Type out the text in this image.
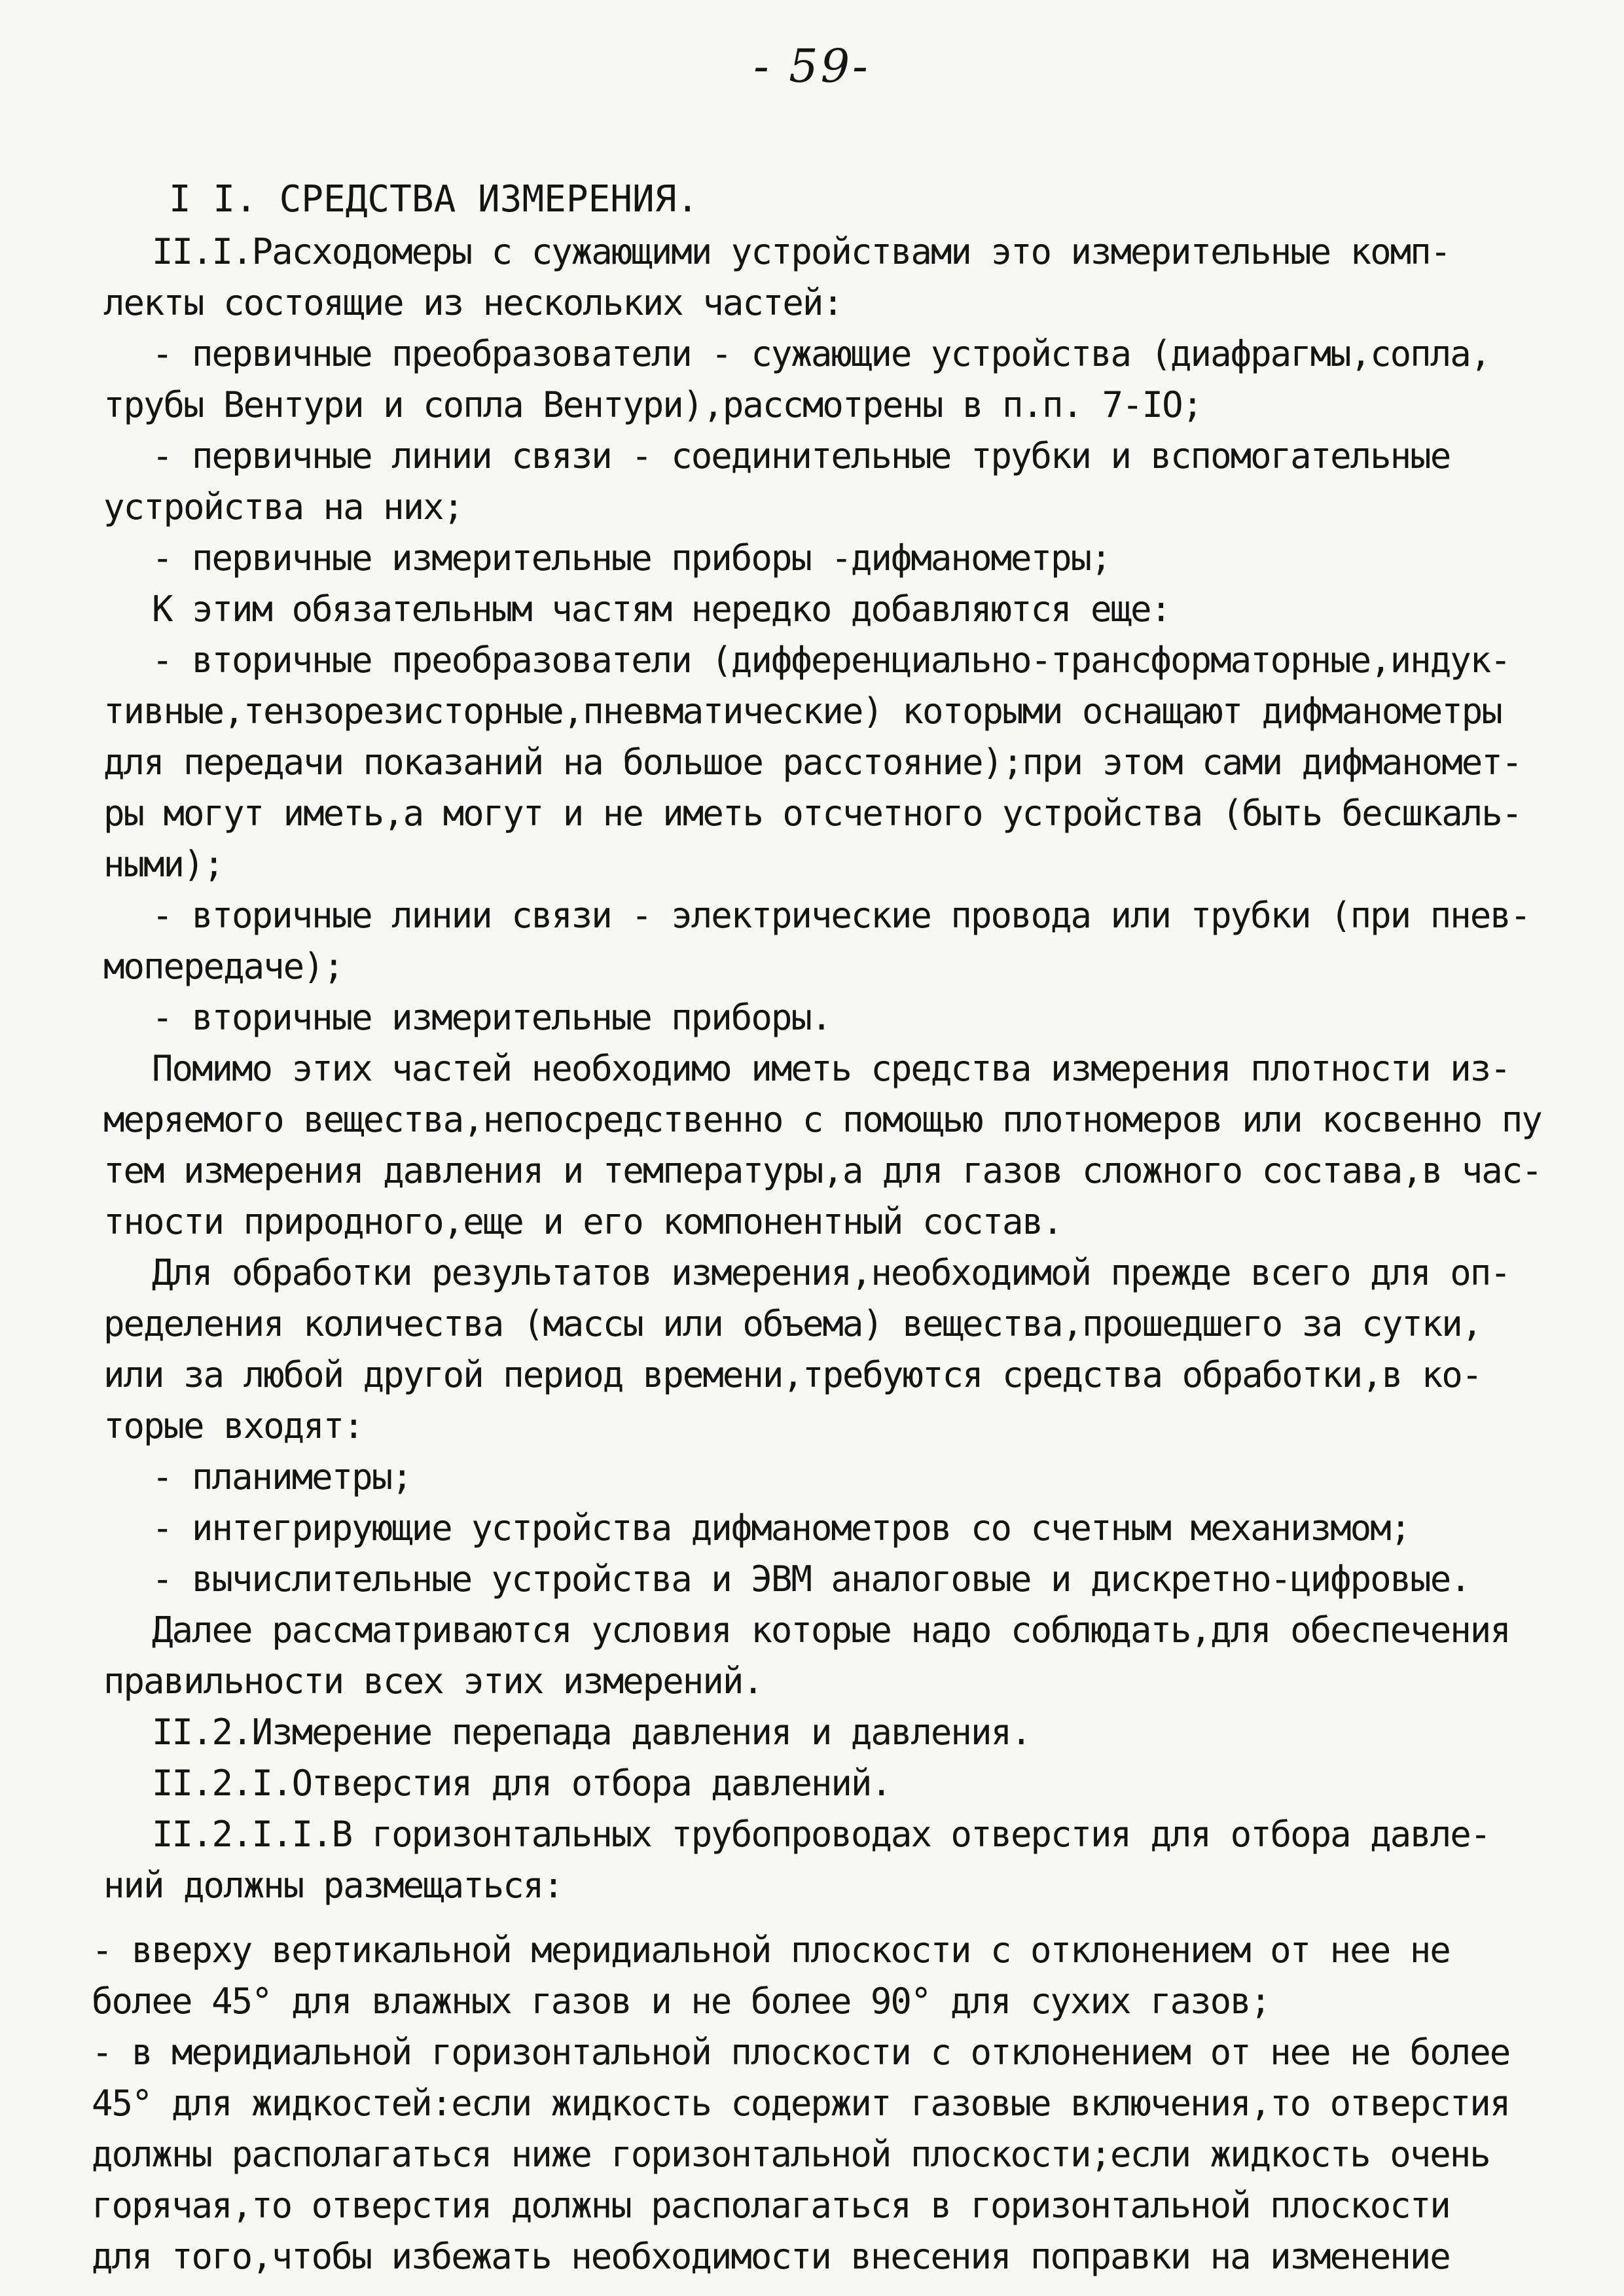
- 59-
I I. СРЕДСТВА ИЗМЕРЕНИЯ.
II.I.Расходомеры с сужающими устройствами это измерительные комп-
лекты состоящие из нескольких частей:
- первичные преобразователи - сужающие устройства (диафрагмы,сопла,
трубы Вентури и сопла Вентури),рассмотрены в п.п. 7-IO;
- первичные линии связи - соединительные трубки и вспомогательные
устройства на них;
- первичные измерительные приборы -дифманометры;
К этим обязательным частям нередко добавляются еще:
- вторичные преобразователи (дифференциально-трансформаторные,индук-
тивные,тензорезисторные,пневматические) которыми оснащают дифманометры
для передачи показаний на большое расстояние);при этом сами дифманомет-
ры могут иметь,а могут и не иметь отсчетного устройства (быть бесшкаль-
ными);
- вторичные линии связи - электрические провода или трубки (при пнев-
мопередаче);
- вторичные измерительные приборы.
Помимо этих частей необходимо иметь средства измерения плотности из-
меряемого вещества,непосредственно с помощью плотномеров или косвенно пу
тем измерения давления и температуры,а для газов сложного состава,в час-
тности природного,еще и его компонентный состав.
Для обработки результатов измерения,необходимой прежде всего для оп-
ределения количества (массы или объема) вещества,прошедшего за сутки,
или за любой другой период времени,требуются средства обработки,в ко-
торые входят:
- планиметры;
- интегрирующие устройства дифманометров со счетным механизмом;
- вычислительные устройства и ЭВМ аналоговые и дискретно-цифровые.
Далее рассматриваются условия которые надо соблюдать,для обеспечения
правильности всех этих измерений.
II.2.Измерение перепада давления и давления.
II.2.I.Отверстия для отбора давлений.
II.2.I.I.В горизонтальных трубопроводах отверстия для отбора давле-
ний должны размещаться:
- вверху вертикальной меридиальной плоскости с отклонением от нее не
более 45° для влажных газов и не более 90° для сухих газов;
- в меридиальной горизонтальной плоскости с отклонением от нее не более
45° для жидкостей:если жидкость содержит газовые включения,то отверстия
должны располагаться ниже горизонтальной плоскости;если жидкость очень
горячая,то отверстия должны располагаться в горизонтальной плоскости
для того,чтобы избежать необходимости внесения поправки на изменение
